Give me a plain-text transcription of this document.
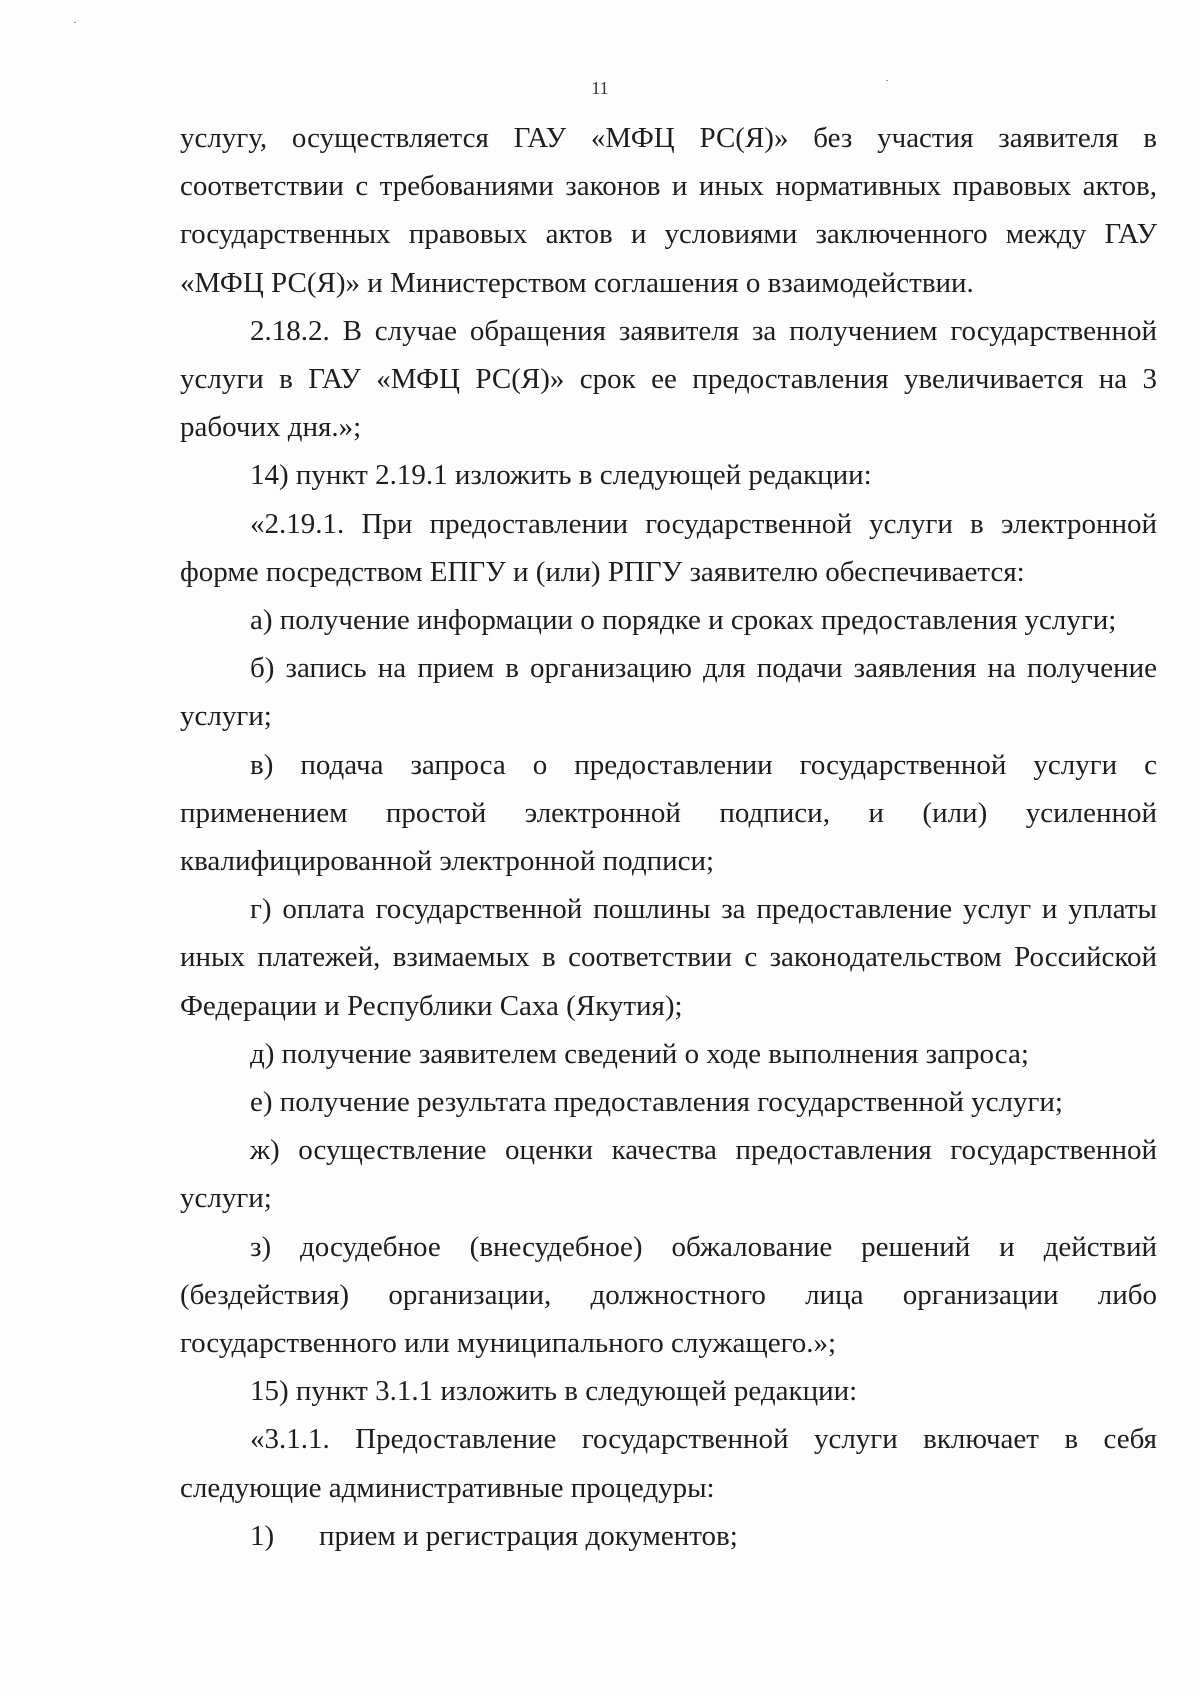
11

услугу, осуществляется ГАУ «МФЦ РС(Я)» без участия заявителя в соответствии с требованиями законов и иных нормативных правовых актов, государственных правовых актов и условиями заключенного между ГАУ «МФЦ РС(Я)» и Министерством соглашения о взаимодействии.

2.18.2. В случае обращения заявителя за получением государственной услуги в ГАУ «МФЦ РС(Я)» срок ее предоставления увеличивается на 3 рабочих дня.»;

14) пункт 2.19.1 изложить в следующей редакции:

«2.19.1. При предоставлении государственной услуги в электронной форме посредством ЕПГУ и (или) РПГУ заявителю обеспечивается:

а) получение информации о порядке и сроках предоставления услуги;

б) запись на прием в организацию для подачи заявления на получение услуги;

в) подача запроса о предоставлении государственной услуги с применением простой электронной подписи, и (или) усиленной квалифицированной электронной подписи;

г) оплата государственной пошлины за предоставление услуг и уплаты иных платежей, взимаемых в соответствии с законодательством Российской Федерации и Республики Саха (Якутия);

д) получение заявителем сведений о ходе выполнения запроса;

е) получение результата предоставления государственной услуги;

ж) осуществление оценки качества предоставления государственной услуги;

з) досудебное (внесудебное) обжалование решений и действий (бездействия) организации, должностного лица организации либо государственного или муниципального служащего.»;

15) пункт 3.1.1 изложить в следующей редакции:

«3.1.1. Предоставление государственной услуги включает в себя следующие административные процедуры:

1) прием и регистрация документов;
